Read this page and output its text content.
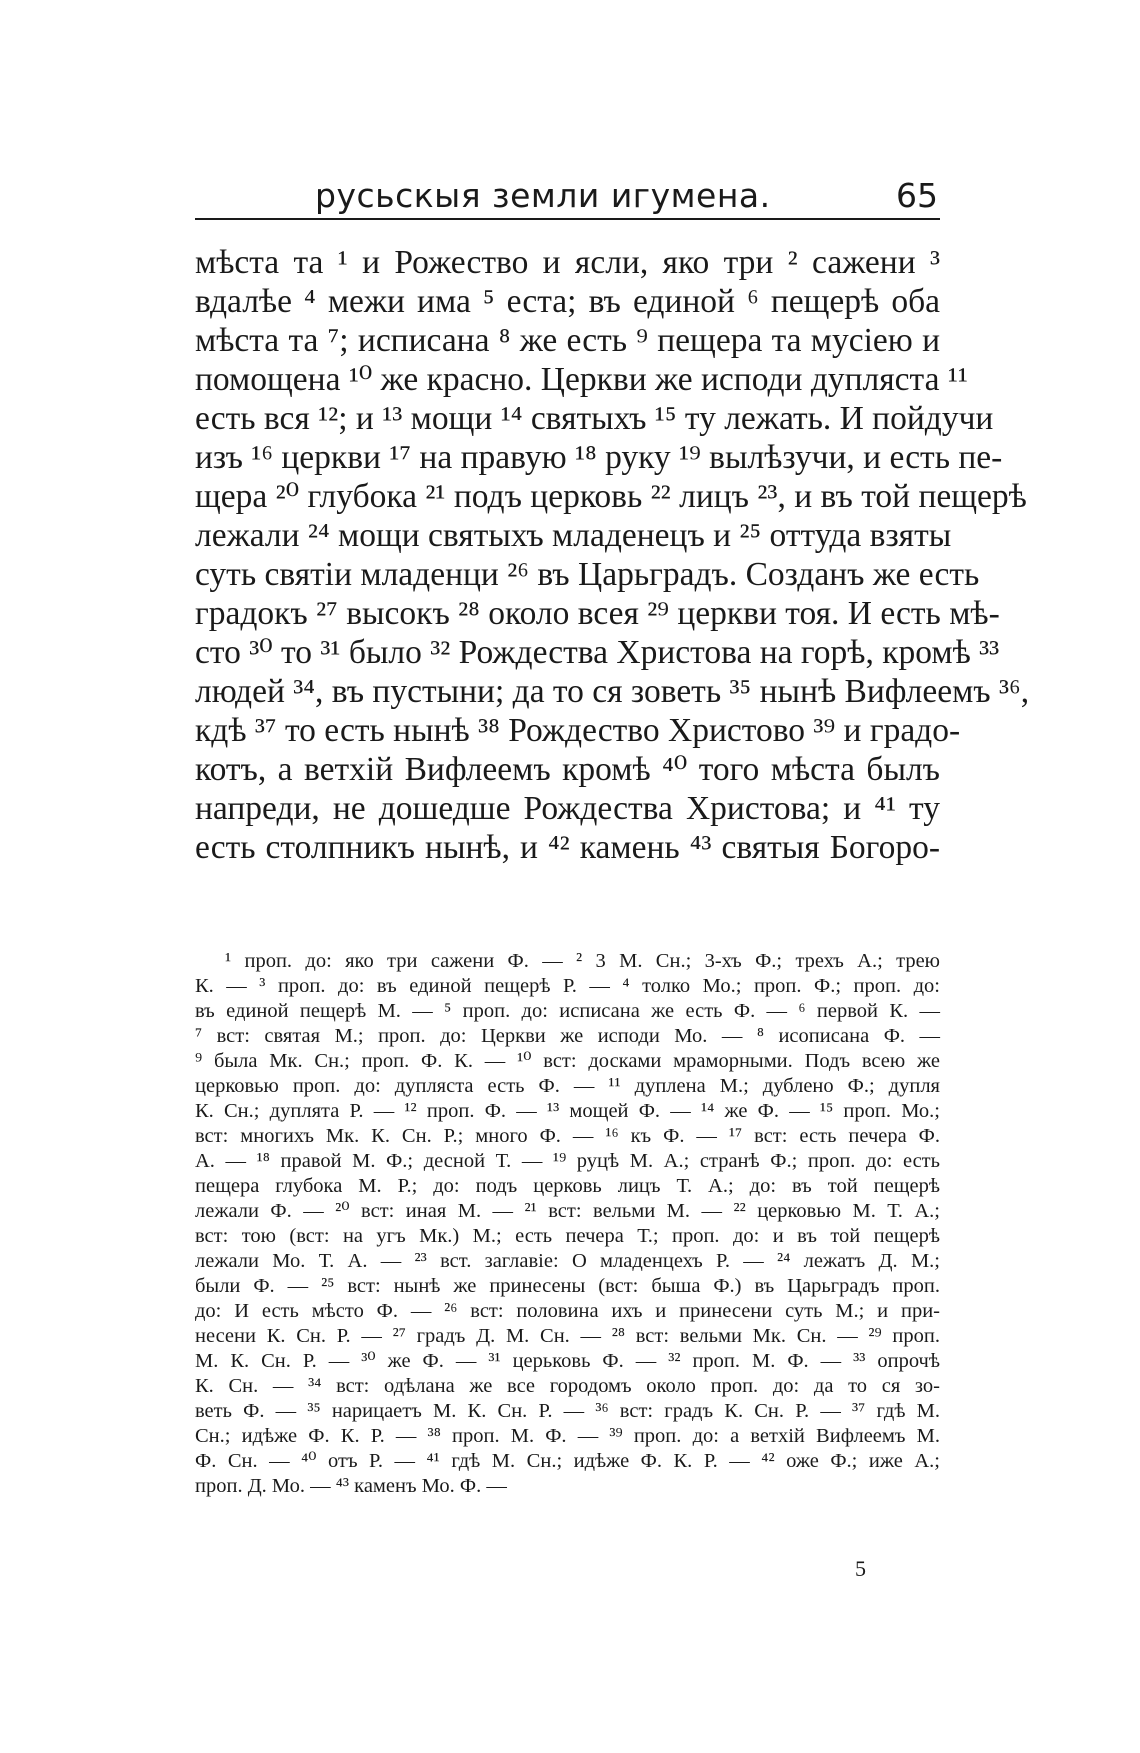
русьскыя земли игумена.	65
мѣста та ¹ и Рожество и ясли, яко три ² сажени ³
вдалѣе ⁴ межи има ⁵ еста; въ единой ⁶ пещерѣ оба
мѣста та ⁷; исписана ⁸ же есть ⁹ пещера та мусiею и
помощена ¹⁰ же красно. Церкви же исподи дупляста ¹¹
есть вся ¹²; и ¹³ мощи ¹⁴ святыхъ ¹⁵ ту лежать. И пойдучи
изъ ¹⁶ церкви ¹⁷ на правую ¹⁸ руку ¹⁹ вылѣзучи, и есть пе-
щера ²⁰ глубока ²¹ подъ церковь ²² лицъ ²³, и въ той пещерѣ
лежали ²⁴ мощи святыхъ младенецъ и ²⁵ оттуда взяты
суть святiи младенци ²⁶ въ Царьградъ. Созданъ же есть
градокъ ²⁷ высокъ ²⁸ около всея ²⁹ церкви тоя. И есть мѣ-
сто ³⁰ то ³¹ было ³² Рождества Христова на горѣ, кромѣ ³³
людей ³⁴, въ пустыни; да то ся зоветь ³⁵ нынѣ Вифлеемъ ³⁶,
кдѣ ³⁷ то есть нынѣ ³⁸ Рождество Христово ³⁹ и градо-
котъ, а ветхiй Вифлеемъ кромѣ ⁴⁰ того мѣста былъ
напреди, не дошедше Рождества Христова; и ⁴¹ ту
есть столпникъ нынѣ, и ⁴² камень ⁴³ святыя Богоро-
¹ проп. до: яко три сажени Ф. — ² 3 М. Сн.; 3-хъ Ф.; трехъ А.; трею
К. — ³ проп. до: въ единой пещерѣ Р. — ⁴ толко Мо.; проп. Ф.; проп. до:
въ единой пещерѣ М. — ⁵ проп. до: исписана же есть Ф. — ⁶ первой К. —
⁷ вст: святая М.; проп. до: Церкви же исподи Мо. — ⁸ исописана Ф. —
⁹ была Мк. Сн.; проп. Ф. К. — ¹⁰ вст: досками мраморными. Подъ всею же
церковью проп. до: дупляста есть Ф. — ¹¹ дуплена М.; дублено Ф.; дупля
К. Сн.; дуплята Р. — ¹² проп. Ф. — ¹³ мощей Ф. — ¹⁴ же Ф. — ¹⁵ проп. Мо.;
вст: многихъ Мк. К. Сн. Р.; много Ф. — ¹⁶ къ Ф. — ¹⁷ вст: есть печера Ф.
А. — ¹⁸ правой М. Ф.; десной Т. — ¹⁹ руцѣ М. А.; странѣ Ф.; проп. до: есть
пещера глубока М. Р.; до: подъ церковь лицъ Т. А.; до: въ той пещерѣ
лежали Ф. — ²⁰ вст: иная М. — ²¹ вст: вельми М. — ²² церковью М. Т. А.;
вст: тою (вст: на угъ Мк.) М.; есть печера Т.; проп. до: и въ той пещерѣ
лежали Мо. Т. А. — ²³ вст. заглавiе: О младенцехъ Р. — ²⁴ лежатъ Д. М.;
были Ф. — ²⁵ вст: нынѣ же принесены (вст: быша Ф.) въ Царьградъ проп.
до: И есть мѣсто Ф. — ²⁶ вст: половина ихъ и принесени суть М.; и при-
несени К. Сн. Р. — ²⁷ градъ Д. М. Сн. — ²⁸ вст: вельми Мк. Сн. — ²⁹ проп.
М. К. Сн. Р. — ³⁰ же Ф. — ³¹ церьковь Ф. — ³² проп. М. Ф. — ³³ опрочѣ
К. Сн. — ³⁴ вст: одѣлана же все городомъ около проп. до: да то ся зо-
веть Ф. — ³⁵ нарицаетъ М. К. Сн. Р. — ³⁶ вст: градъ К. Сн. Р. — ³⁷ гдѣ М.
Сн.; идѣже Ф. К. Р. — ³⁸ проп. М. Ф. — ³⁹ проп. до: а ветхiй Вифлеемъ М.
Ф. Сн. — ⁴⁰ отъ Р. — ⁴¹ гдѣ М. Сн.; идѣже Ф. К. Р. — ⁴² оже Ф.; иже А.;
проп. Д. Мо. — ⁴³ каменъ Мо. Ф. —
5
